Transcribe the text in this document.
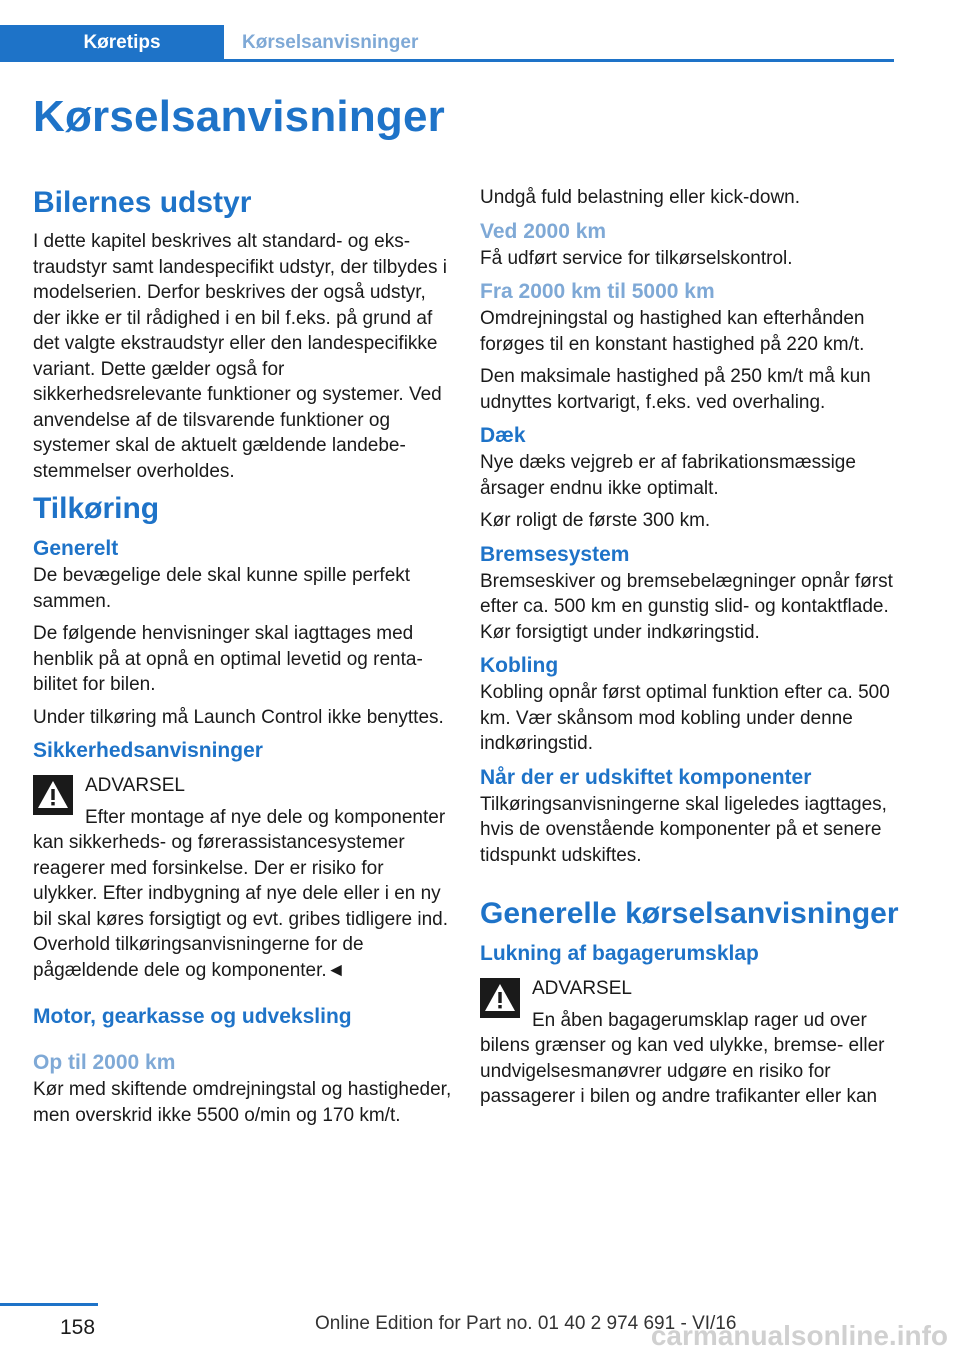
Køretips	Kørselsanvisninger
Kørselsanvisninger
Bilernes udstyr

I dette kapitel beskrives alt standard- og ekstraudstyr samt landespecifikt udstyr, der tilbydes i modelserien. Derfor beskrives der også udstyr, der ikke er til rådighed i en bil f.eks. på grund af det valgte ekstraudstyr eller den landespecifikke variant. Dette gælder også for sikkerhedsrelevante funktioner og systemer. Ved anvendelse af de tilsvarende funktioner og systemer skal de aktuelt gældende landebestemmelser overholdes.

Tilkøring
Generelt

De bevægelige dele skal kunne spille perfekt sammen.

De følgende henvisninger skal iagttages med henblik på at opnå en optimal levetid og rentabilitet for bilen.

Under tilkøring må Launch Control ikke benyttes.

Sikkerhedsanvisninger

ADVARSEL

Efter montage af nye dele og komponenter kan sikkerheds- og førerassistancesystemer reagerer med forsinkelse. Der er risiko for ulykker. Efter indbygning af nye dele eller i en ny bil skal køres forsigtigt og evt. gribes tidligere ind. Overhold tilkøringsanvisningerne for de pågældende dele og komponenter.◄

Motor, gearkasse og udveksling
Op til 2000 km

Kør med skiftende omdrejningstal og hastigheder, men overskrid ikke 5500 o/min og 170 km/t.

Undgå fuld belastning eller kick-down.

Ved 2000 km

Få udført service for tilkørselskontrol.

Fra 2000 km til 5000 km

Omdrejningstal og hastighed kan efterhånden forøges til en konstant hastighed på 220 km/t.

Den maksimale hastighed på 250 km/t må kun udnyttes kortvarigt, f.eks. ved overhaling.

Dæk

Nye dæks vejgreb er af fabrikationsmæssige årsager endnu ikke optimalt.

Kør roligt de første 300 km.

Bremsesystem

Bremseskiver og bremsebelægninger opnår først efter ca. 500 km en gunstig slid- og kontaktflade. Kør forsigtigt under indkøringstid.

Kobling

Kobling opnår først optimal funktion efter ca. 500 km. Vær skånsom mod kobling under denne indkøringstid.

Når der er udskiftet komponenter

Tilkøringsanvisningerne skal ligeledes iagttages, hvis de ovenstående komponenter på et senere tidspunkt udskiftes.

Generelle kørselsanvisninger
Lukning af bagagerumsklap

ADVARSEL

En åben bagagerumsklap rager ud over bilens grænser og kan ved ulykke, bremse- eller undvigelsesmanøvrer udgøre en risiko for passagerer i bilen og andre trafikanter eller kan

158	Online Edition for Part no. 01 40 2 974 691 - VI/16
carmanualsonline.info
